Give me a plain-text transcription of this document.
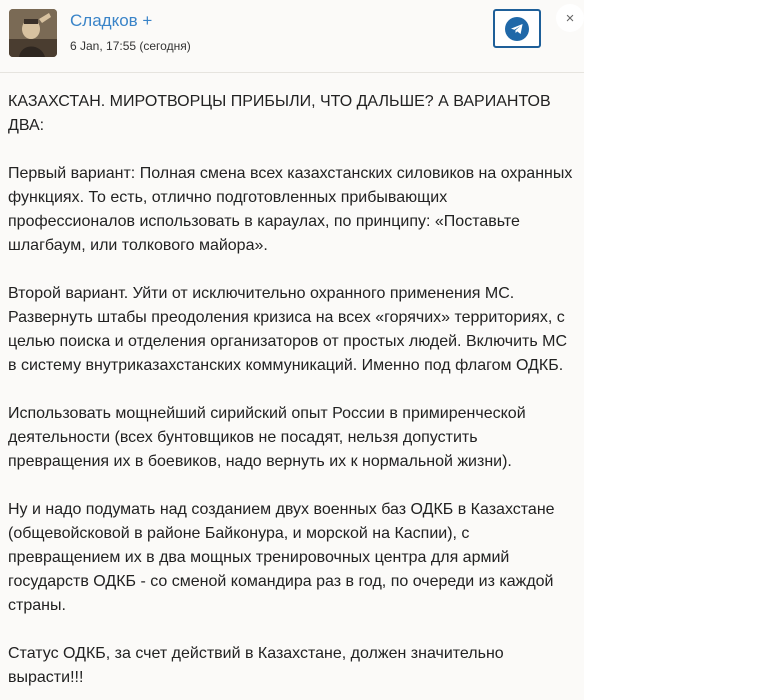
Сладков +
6 Jan, 17:55 (сегодня)
×

КАЗАХСТАН. МИРОТВОРЦЫ ПРИБЫЛИ, ЧТО ДАЛЬШЕ? А ВАРИАНТОВ ДВА:

Первый вариант: Полная смена всех казахстанских силовиков на охранных функциях. То есть, отлично подготовленных прибывающих профессионалов использовать в караулах, по принципу: «Поставьте шлагбаум, или толкового майора».

Второй вариант. Уйти от исключительно охранного применения МС. Развернуть штабы преодоления кризиса на всех «горячих» территориях, с целью поиска и отделения организаторов от простых людей. Включить МС в систему внутриказахстанских коммуникаций. Именно под флагом ОДКБ.

Использовать мощнейший сирийский опыт России в примиренческой деятельности (всех бунтовщиков не посадят, нельзя допустить превращения их в боевиков, надо вернуть их к нормальной жизни).

Ну и надо подумать над созданием двух военных баз ОДКБ в Казахстане (общевойсковой в районе Байконура, и морской на Каспии), с превращением их в два мощных тренировочных центра для армий государств ОДКБ - со сменой командира раз в год, по очереди из каждой страны.

Статус ОДКБ, за счет действий в Казахстане, должен значительно вырасти!!!
